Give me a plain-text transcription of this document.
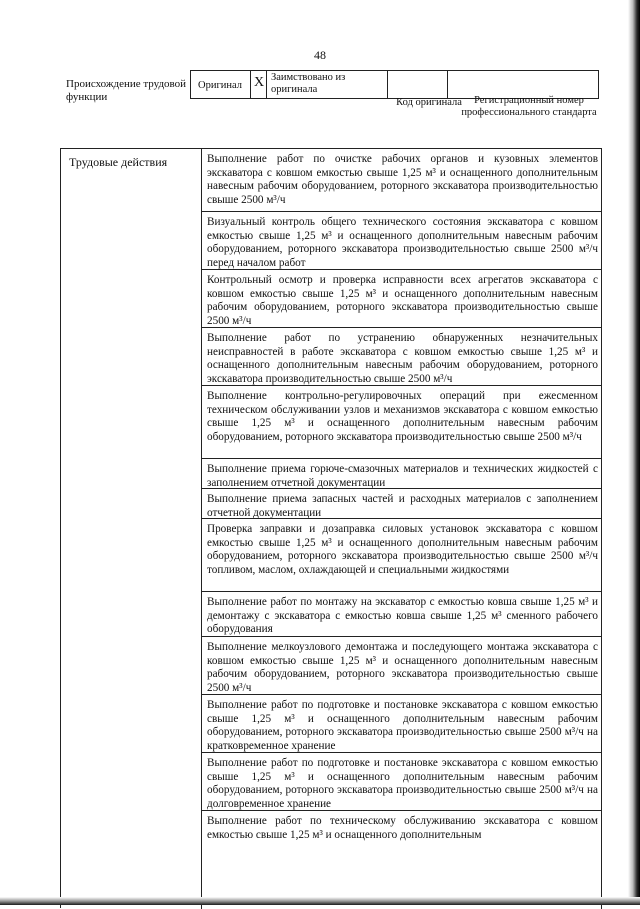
48
Происхождение трудовой функции
Оригинал X Заимствовано из оригинала
Код оригинала	Регистрационный номер профессионального стандарта
Трудовые действия	Выполнение работ по очистке рабочих органов и кузовных элементов экскаватора с ковшом емкостью свыше 1,25 м³ и оснащенного дополнительным навесным рабочим оборудованием, роторного экскаватора производительностью свыше 2500 м³/ч
Визуальный контроль общего технического состояния экскаватора с ковшом емкостью свыше 1,25 м³ и оснащенного дополнительным навесным рабочим оборудованием, роторного экскаватора производительностью свыше 2500 м³/ч перед началом работ
Контрольный осмотр и проверка исправности всех агрегатов экскаватора с ковшом емкостью свыше 1,25 м³ и оснащенного дополнительным навесным рабочим оборудованием, роторного экскаватора производительностью свыше 2500 м³/ч
Выполнение работ по устранению обнаруженных незначительных неисправностей в работе экскаватора с ковшом емкостью свыше 1,25 м³ и оснащенного дополнительным навесным рабочим оборудованием, роторного экскаватора производительностью свыше 2500 м³/ч
Выполнение контрольно-регулировочных операций при ежесменном техническом обслуживании узлов и механизмов экскаватора с ковшом емкостью свыше 1,25 м³ и оснащенного дополнительным навесным рабочим оборудованием, роторного экскаватора производительностью свыше 2500 м³/ч
Выполнение приема горюче-смазочных материалов и технических жидкостей с заполнением отчетной документации
Выполнение приема запасных частей и расходных материалов с заполнением отчетной документации
Проверка заправки и дозаправка силовых установок экскаватора с ковшом емкостью свыше 1,25 м³ и оснащенного дополнительным навесным рабочим оборудованием, роторного экскаватора производительностью свыше 2500 м³/ч топливом, маслом, охлаждающей и специальными жидкостями
Выполнение работ по монтажу на экскаватор с емкостью ковша свыше 1,25 м³ и демонтажу с экскаватора с емкостью ковша свыше 1,25 м³ сменного рабочего оборудования
Выполнение мелкоузлового демонтажа и последующего монтажа экскаватора с ковшом емкостью свыше 1,25 м³ и оснащенного дополнительным навесным рабочим оборудованием, роторного экскаватора производительностью свыше 2500 м³/ч
Выполнение работ по подготовке и постановке экскаватора с ковшом емкостью свыше 1,25 м³ и оснащенного дополнительным навесным рабочим оборудованием, роторного экскаватора производительностью свыше 2500 м³/ч на кратковременное хранение
Выполнение работ по подготовке и постановке экскаватора с ковшом емкостью свыше 1,25 м³ и оснащенного дополнительным навесным рабочим оборудованием, роторного экскаватора производительностью свыше 2500 м³/ч на долговременное хранение
Выполнение работ по техническому обслуживанию экскаватора с ковшом емкостью свыше 1,25 м³ и оснащенного дополнительным
